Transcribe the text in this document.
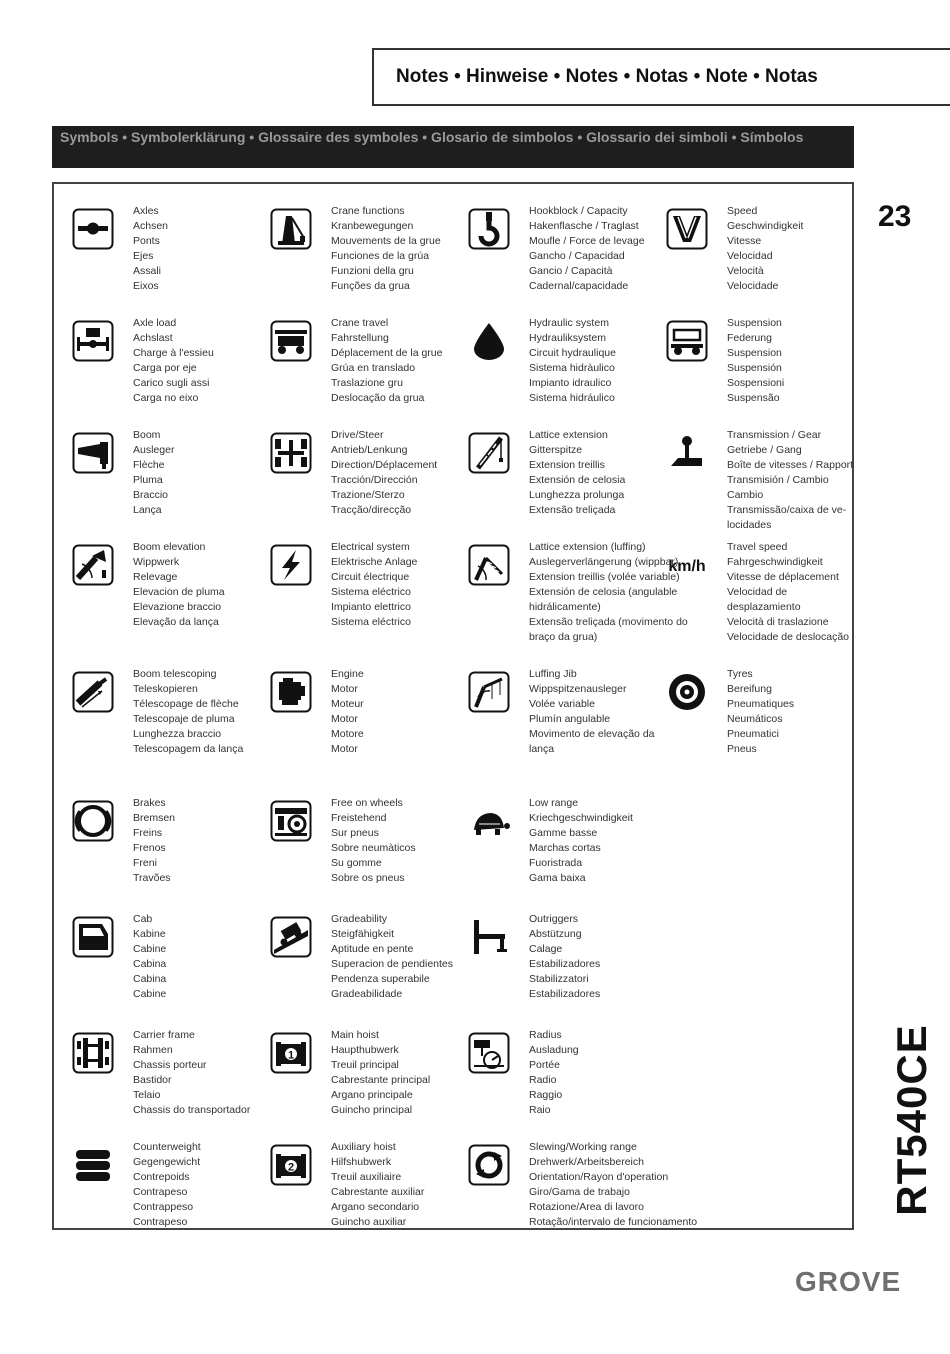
Notes • Hinweise • Notes • Notas • Note • Notas
Symbols • Symbolerklärung • Glossaire des symboles • Glosario de simbolos • Glossario dei simboli • Símbolos
23
RT540CE
GROVE
Axles
Achsen
Ponts
Ejes
Assali
Eixos
Crane functions
Kranbewegungen
Mouvements de la grue
Funciones de la grúa
Funzioni della gru
Funções da grua
Hookblock / Capacity
Hakenflasche / Traglast
Moufle / Force de levage
Gancho / Capacidad
Gancio / Capacità
Cadernal/capacidade
Speed
Geschwindigkeit
Vitesse
Velocidad
Velocità
Velocidade
Axle load
Achslast
Charge à l'essieu
Carga por eje
Carico sugli assi
Carga no eixo
Crane travel
Fahrstellung
Déplacement de la grue
Grúa en translado
Traslazione gru
Deslocação da grua
Hydraulic system
Hydrauliksystem
Circuit hydraulique
Sistema hidràulico
Impianto idraulico
Sistema hidráulico
Suspension
Federung
Suspension
Suspensión
Sospensioni
Suspensão
Boom
Ausleger
Flèche
Pluma
Braccio
Lança
Drive/Steer
Antrieb/Lenkung
Direction/Déplacement
Tracción/Dirección
Trazione/Sterzo
Tracção/direcção
Lattice extension
Gitterspitze
Extension treillis
Extensión de celosia
Lunghezza prolunga
Extensão treliçada
Transmission / Gear
Getriebe / Gang
Boîte de vitesses / Rapport
Transmisión / Cambio
Cambio
Transmissão/caixa de ve-
locidades
Boom elevation
Wippwerk
Relevage
Elevacion de pluma
Elevazione braccio
Elevação da lança
Electrical system
Elektrische Anlage
Circuit électrique
Sistema eléctrico
Impianto elettrico
Sistema eléctrico
Lattice extension (luffing)
Auslegerverlängerung (wippbar)
Extension treillis (volée variable)
Extensión de celosia (angulable
hidrálicamente)
Extensão treliçada (movimento do
braço da grua)
km/h
Travel speed
Fahrgeschwindigkeit
Vitesse de déplacement
Velocidad de
desplazamiento
Velocità di traslazione
Velocidade de deslocação
Boom telescoping
Teleskopieren
Télescopage de flèche
Telescopaje de pluma
Lunghezza braccio
Telescopagem da lança
Engine
Motor
Moteur
Motor
Motore
Motor
Luffing Jib
Wippspitzenausleger
Volée variable
Plumín angulable
Movimento de elevação da
lança
Tyres
Bereifung
Pneumatiques
Neumáticos
Pneumatici
Pneus
Brakes
Bremsen
Freins
Frenos
Freni
Travões
Free on wheels
Freistehend
Sur pneus
Sobre neumàticos
Su gomme
Sobre os pneus
Low range
Kriechgeschwindigkeit
Gamme basse
Marchas cortas
Fuoristrada
Gama baixa
Cab
Kabine
Cabine
Cabina
Cabina
Cabine
Gradeability
Steigfähigkeit
Aptitude en pente
Superacion de pendientes
Pendenza superabile
Gradeabilidade
Outriggers
Abstützung
Calage
Estabilizadores
Stabilizzatori
Estabilizadores
Carrier frame
Rahmen
Chassis porteur
Bastidor
Telaio
Chassis do transportador
1
Main hoist
Haupthubwerk
Treuil principal
Cabrestante principal
Argano principale
Guincho principal
Radius
Ausladung
Portée
Radio
Raggio
Raio
Counterweight
Gegengewicht
Contrepoids
Contrapeso
Contrappeso
Contrapeso
2
Auxiliary hoist
Hilfshubwerk
Treuil auxiliaire
Cabrestante auxiliar
Argano secondario
Guincho auxiliar
Slewing/Working range
Drehwerk/Arbeitsbereich
Orientation/Rayon d'operation
Giro/Gama de trabajo
Rotazione/Area di lavoro
Rotação/intervalo de funcionamento
